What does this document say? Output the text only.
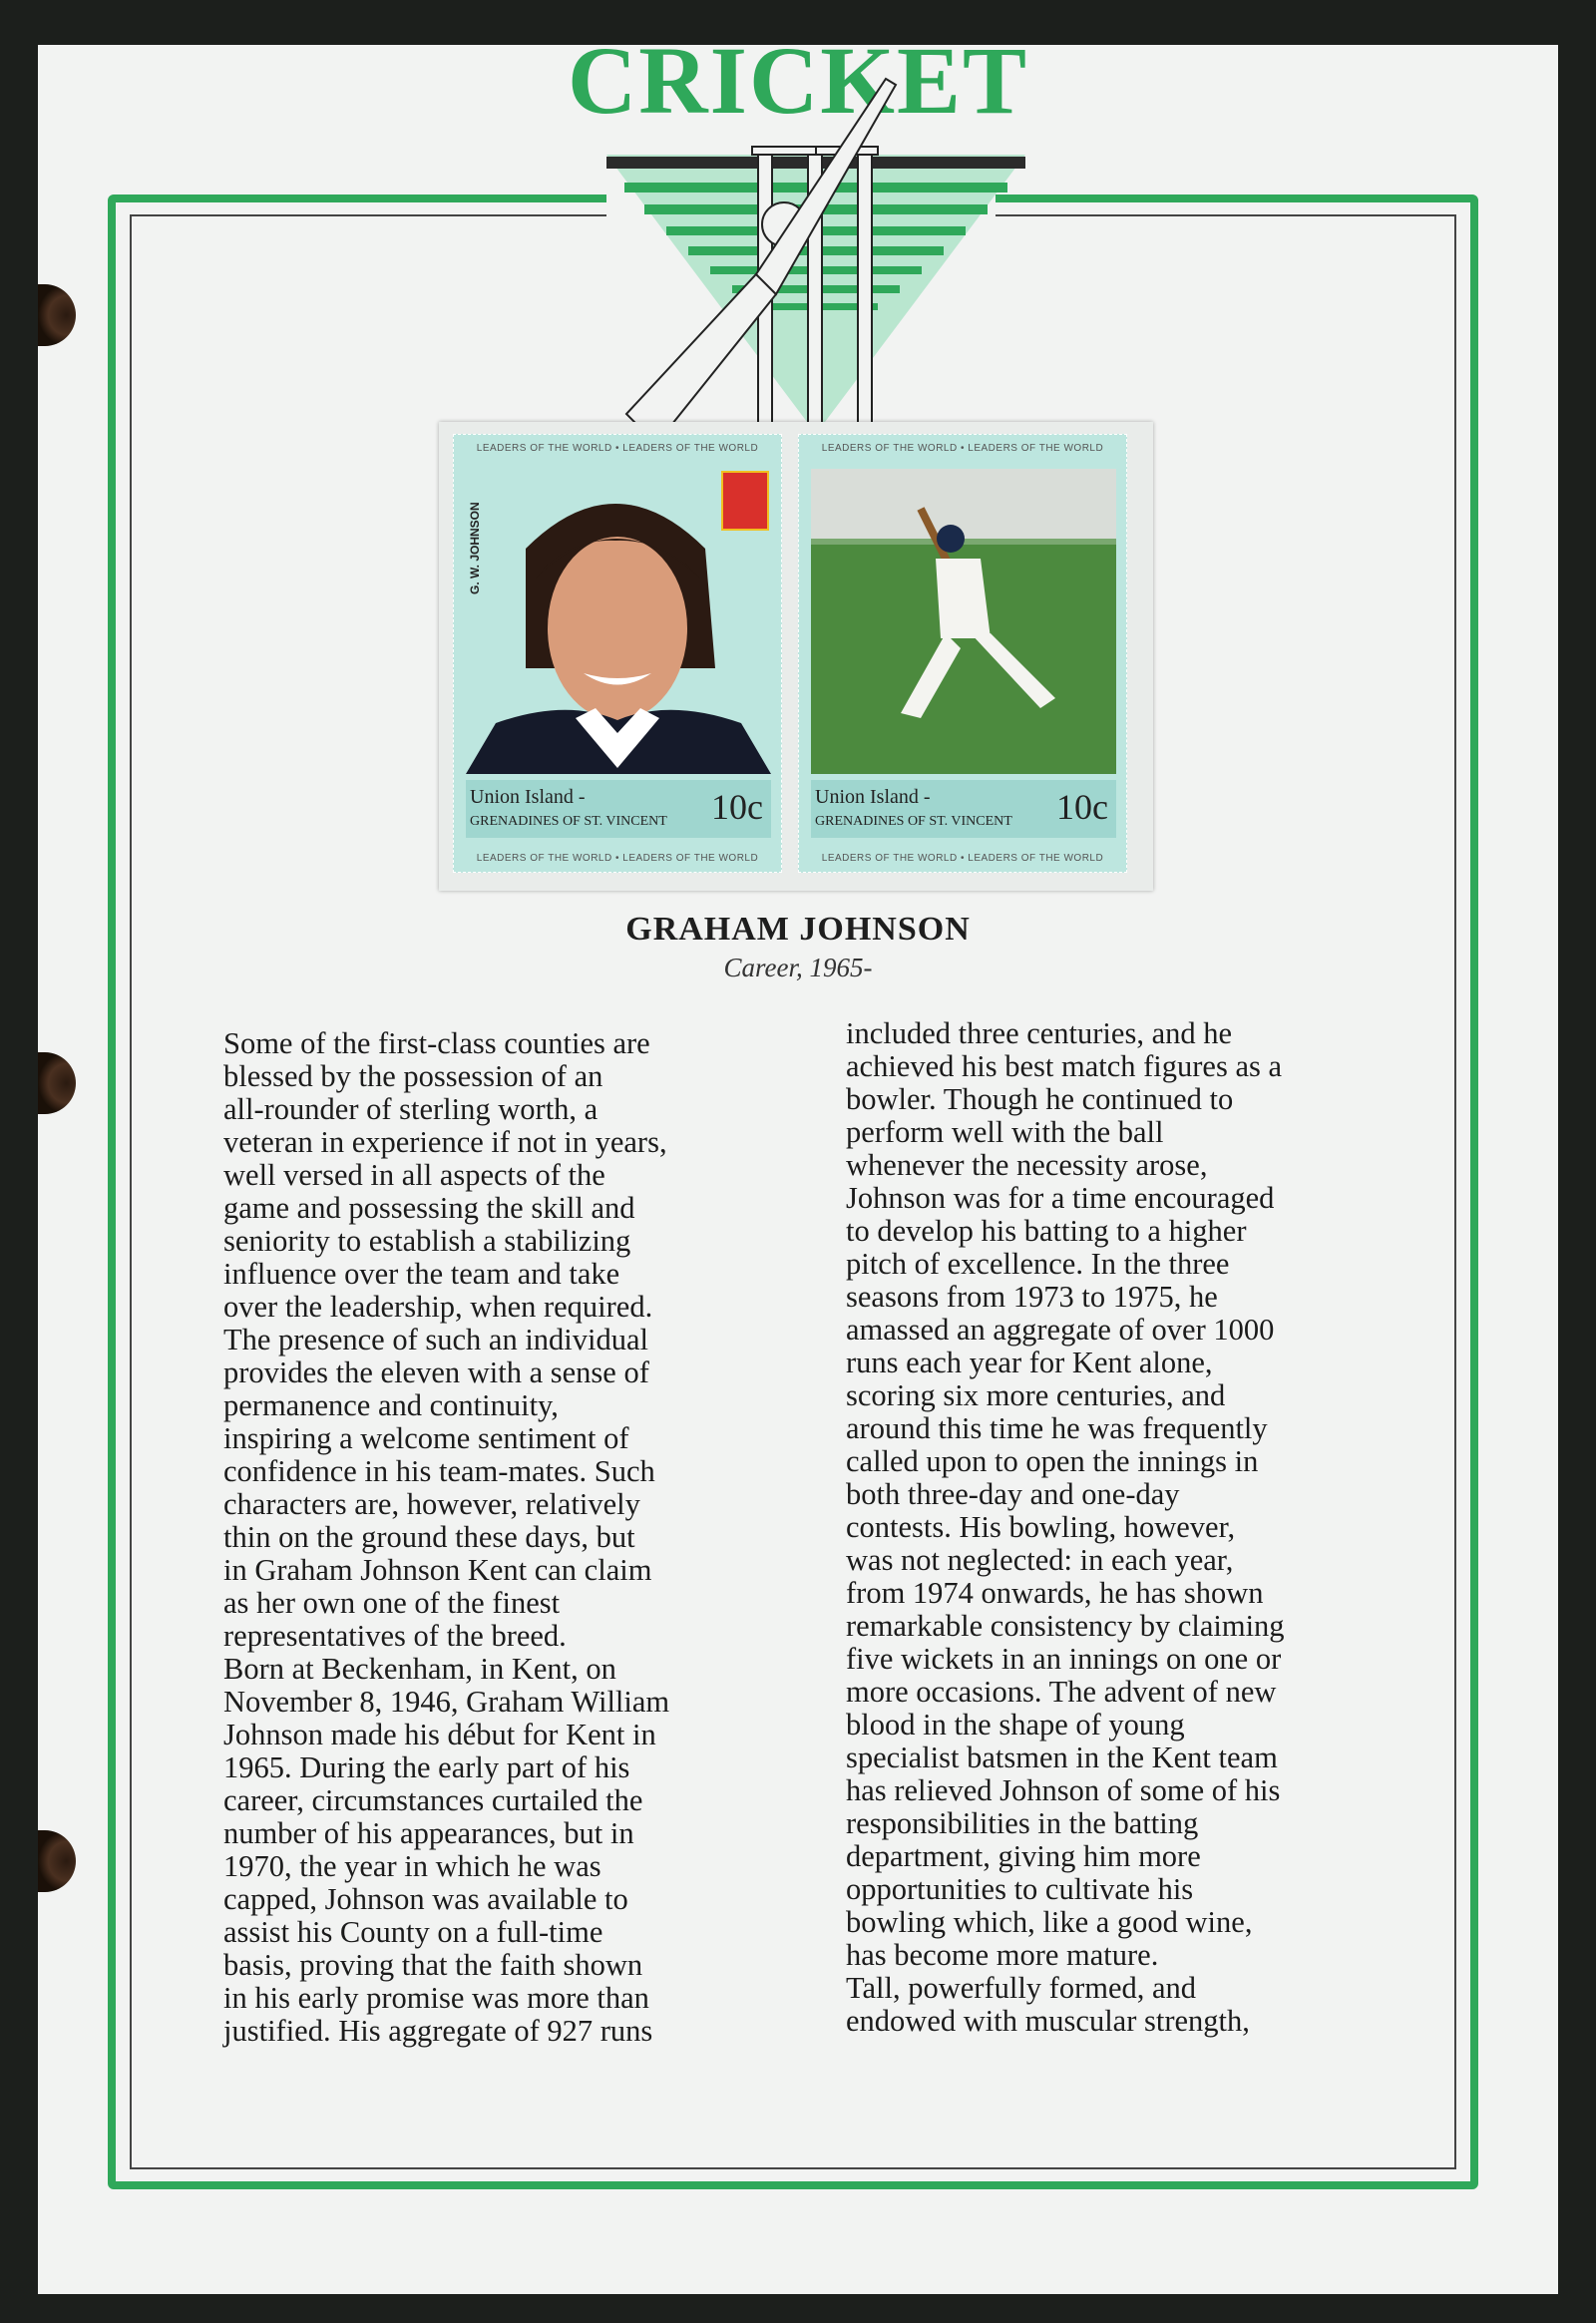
CRICKET
LEADERS OF THE WORLD • LEADERS OF THE WORLD
G. W. JOHNSON
Union Island -
GRENADINES OF ST. VINCENT 10c
LEADERS OF THE WORLD • LEADERS OF THE WORLD
LEADERS OF THE WORLD • LEADERS OF THE WORLD
Union Island -
GRENADINES OF ST. VINCENT 10c
LEADERS OF THE WORLD • LEADERS OF THE WORLD
GRAHAM JOHNSON
Career, 1965-
Some of the first-class counties are
blessed by the possession of an
all-rounder of sterling worth, a
veteran in experience if not in years,
well versed in all aspects of the
game and possessing the skill and
seniority to establish a stabilizing
influence over the team and take
over the leadership, when required.
The presence of such an individual
provides the eleven with a sense of
permanence and continuity,
inspiring a welcome sentiment of
confidence in his team-mates. Such
characters are, however, relatively
thin on the ground these days, but
in Graham Johnson Kent can claim
as her own one of the finest
representatives of the breed.
Born at Beckenham, in Kent, on
November 8, 1946, Graham William
Johnson made his début for Kent in
1965. During the early part of his
career, circumstances curtailed the
number of his appearances, but in
1970, the year in which he was
capped, Johnson was available to
assist his County on a full-time
basis, proving that the faith shown
in his early promise was more than
justified. His aggregate of 927 runs
included three centuries, and he
achieved his best match figures as a
bowler. Though he continued to
perform well with the ball
whenever the necessity arose,
Johnson was for a time encouraged
to develop his batting to a higher
pitch of excellence. In the three
seasons from 1973 to 1975, he
amassed an aggregate of over 1000
runs each year for Kent alone,
scoring six more centuries, and
around this time he was frequently
called upon to open the innings in
both three-day and one-day
contests. His bowling, however,
was not neglected: in each year,
from 1974 onwards, he has shown
remarkable consistency by claiming
five wickets in an innings on one or
more occasions. The advent of new
blood in the shape of young
specialist batsmen in the Kent team
has relieved Johnson of some of his
responsibilities in the batting
department, giving him more
opportunities to cultivate his
bowling which, like a good wine,
has become more mature.
Tall, powerfully formed, and
endowed with muscular strength,
